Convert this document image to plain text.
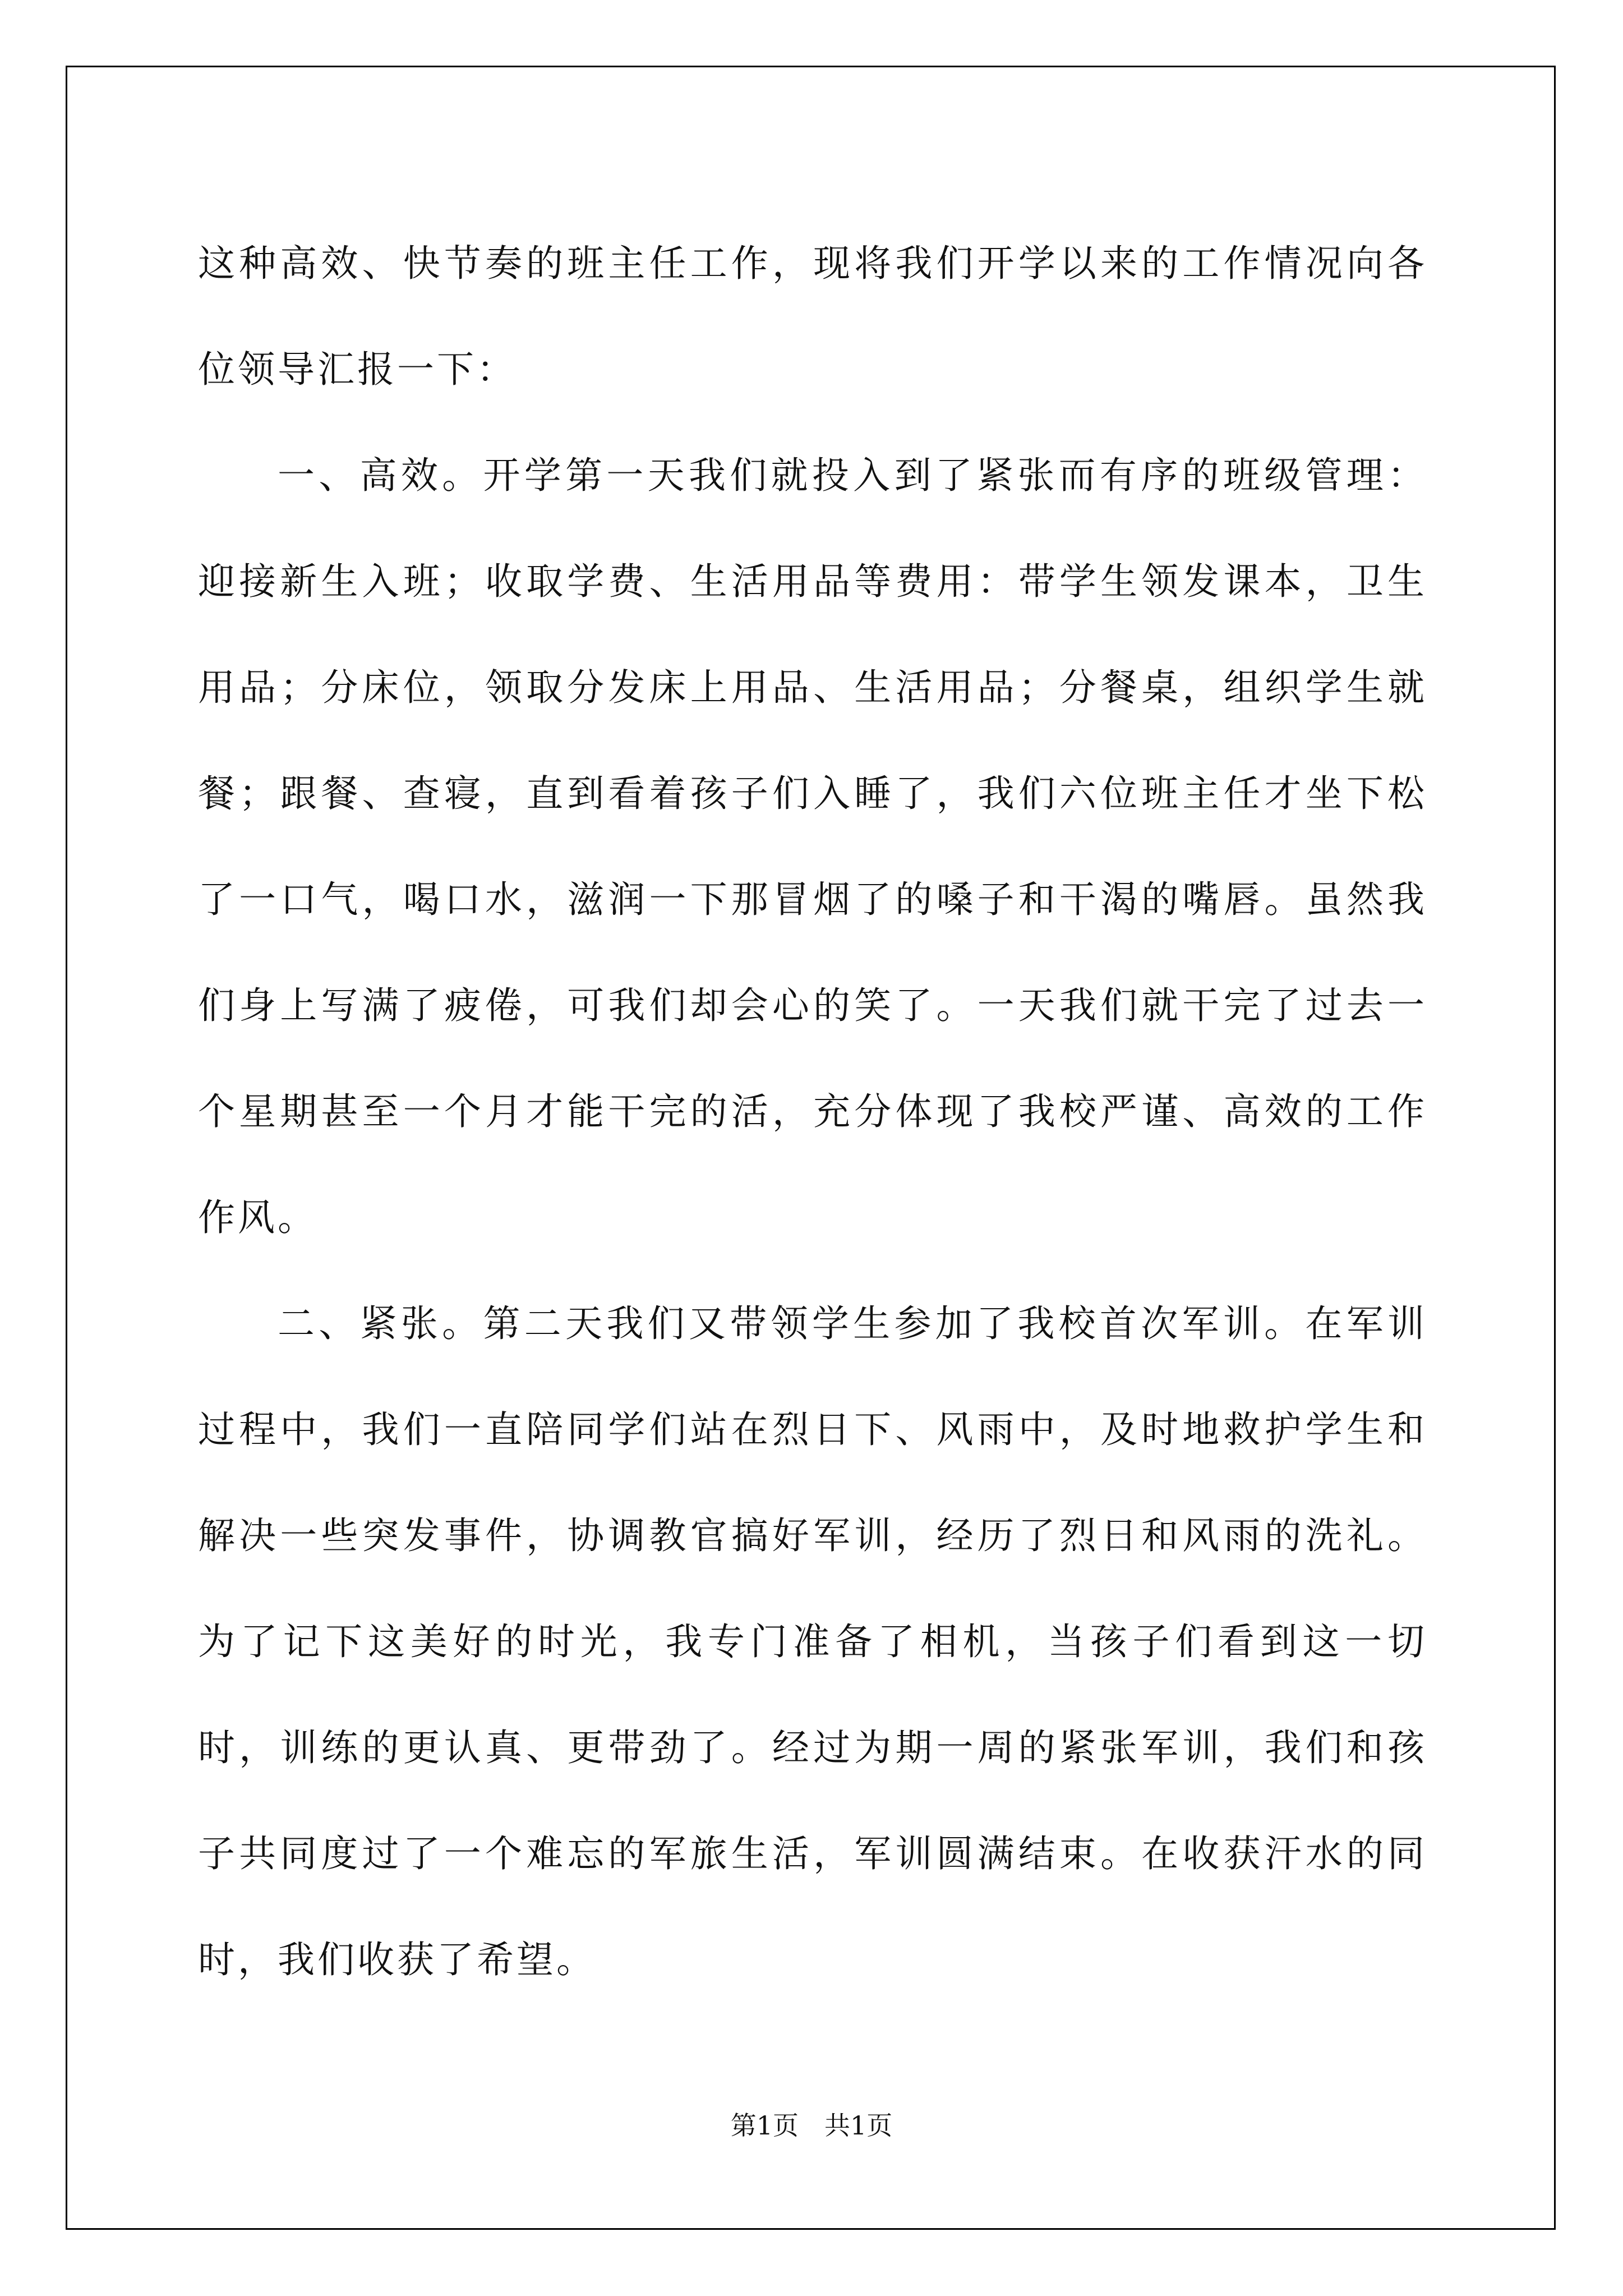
这种高效、快节奏的班主任工作，现将我们开学以来的工作情况向各位领导汇报一下：

一、高效。开学第一天我们就投入到了紧张而有序的班级管理：迎接新生入班；收取学费、生活用品等费用：带学生领发课本，卫生用品；分床位，领取分发床上用品、生活用品；分餐桌，组织学生就餐；跟餐、查寝，直到看着孩子们入睡了，我们六位班主任才坐下松了一口气，喝口水，滋润一下那冒烟了的嗓子和干渴的嘴唇。虽然我们身上写满了疲倦，可我们却会心的笑了。一天我们就干完了过去一个星期甚至一个月才能干完的活，充分体现了我校严谨、高效的工作作风。

二、紧张。第二天我们又带领学生参加了我校首次军训。在军训过程中，我们一直陪同学们站在烈日下、风雨中，及时地救护学生和解决一些突发事件，协调教官搞好军训，经历了烈日和风雨的洗礼。为了记下这美好的时光，我专门准备了相机，当孩子们看到这一切时，训练的更认真、更带劲了。经过为期一周的紧张军训，我们和孩子共同度过了一个难忘的军旅生活，军训圆满结束。在收获汗水的同时，我们收获了希望。

第1页 共1页
